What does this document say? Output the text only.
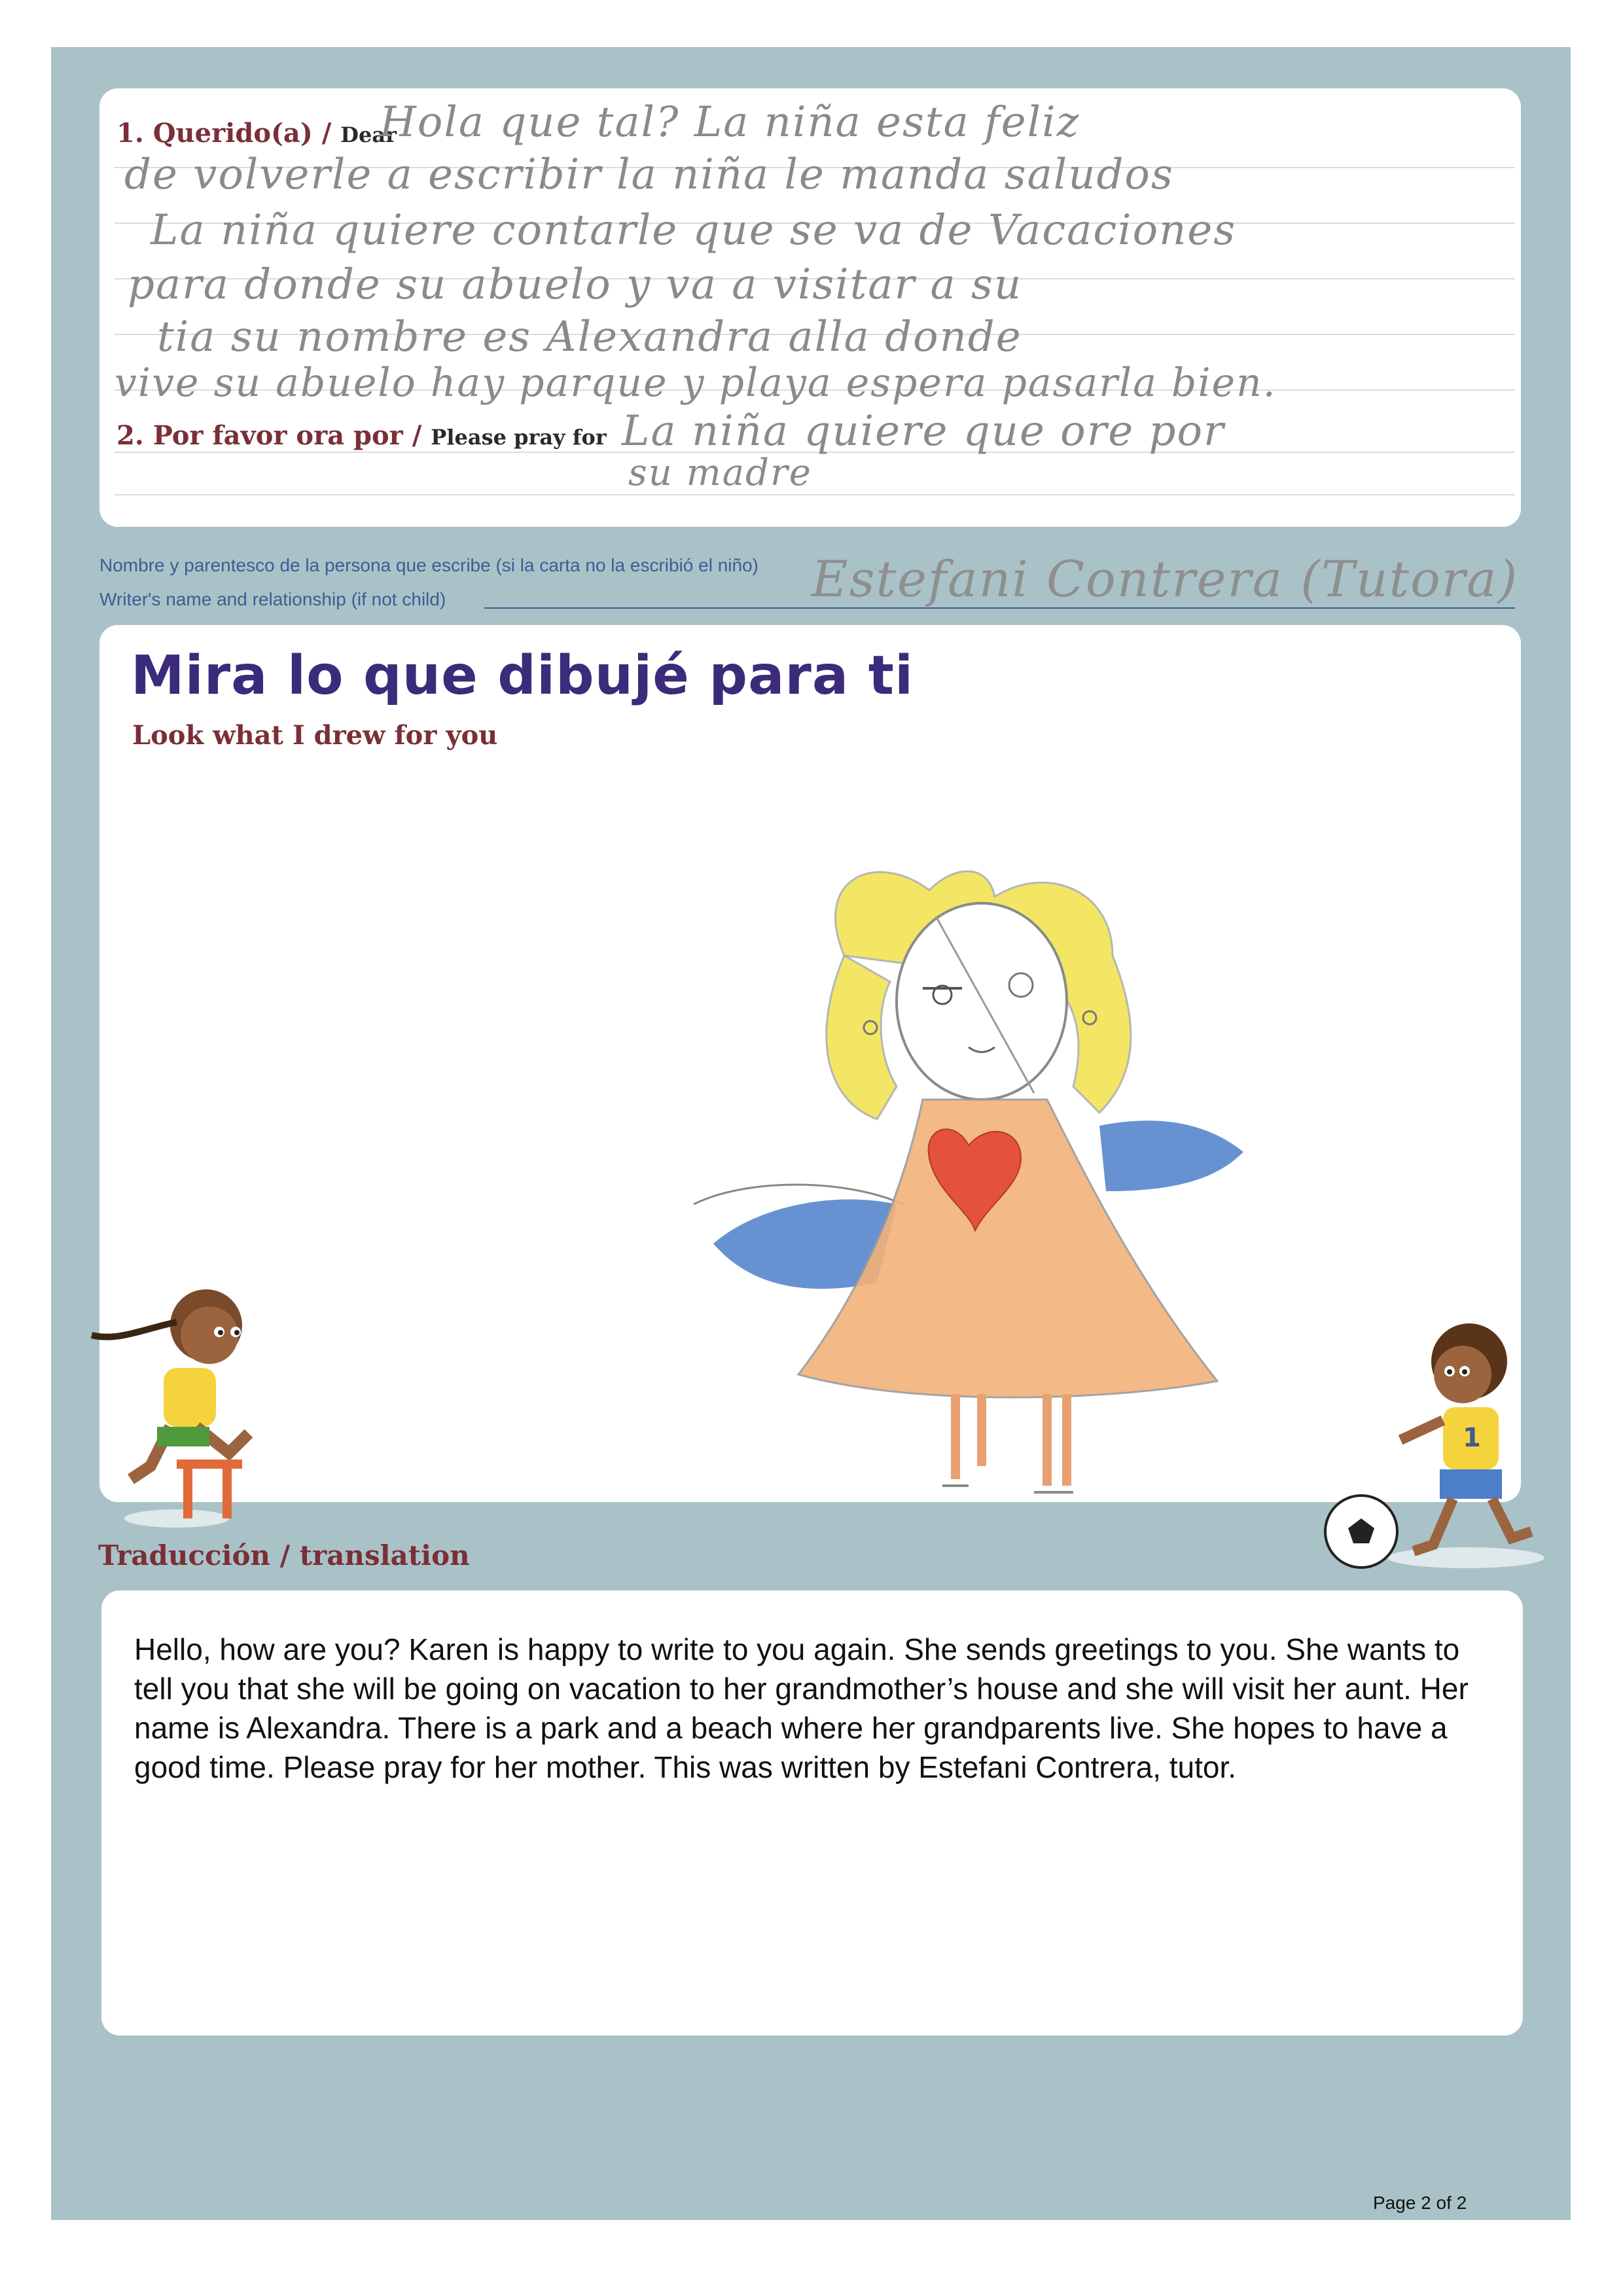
1. Querido(a) / Dear
Hola que tal? La niña esta feliz
de volverle a escribir la niña le manda saludos
La niña quiere contarle que se va de Vacaciones
para donde su abuelo y va a visitar a su
tia su nombre es Alexandra alla donde
vive su abuelo hay parque y playa espera pasarla bien.
2. Por favor ora por / Please pray for La niña quiere que ore por
su madre
Nombre y parentesco de la persona que escribe (si la carta no la escribió el niño)
Writer's name and relationship (if not child)	Estefani Contrera (Tutora)
Mira lo que dibujé para ti
Look what I drew for you
1
Traducción / translation
Hello, how are you? Karen is happy to write to you again. She sends greetings to you. She wants to tell you that she will be going on vacation to her grandmother’s house and she will visit her aunt. Her name is Alexandra. There is a park and a beach where her grandparents live. She hopes to have a good time. Please pray for her mother. This was written by Estefani Contrera, tutor.
Page 2 of 2
